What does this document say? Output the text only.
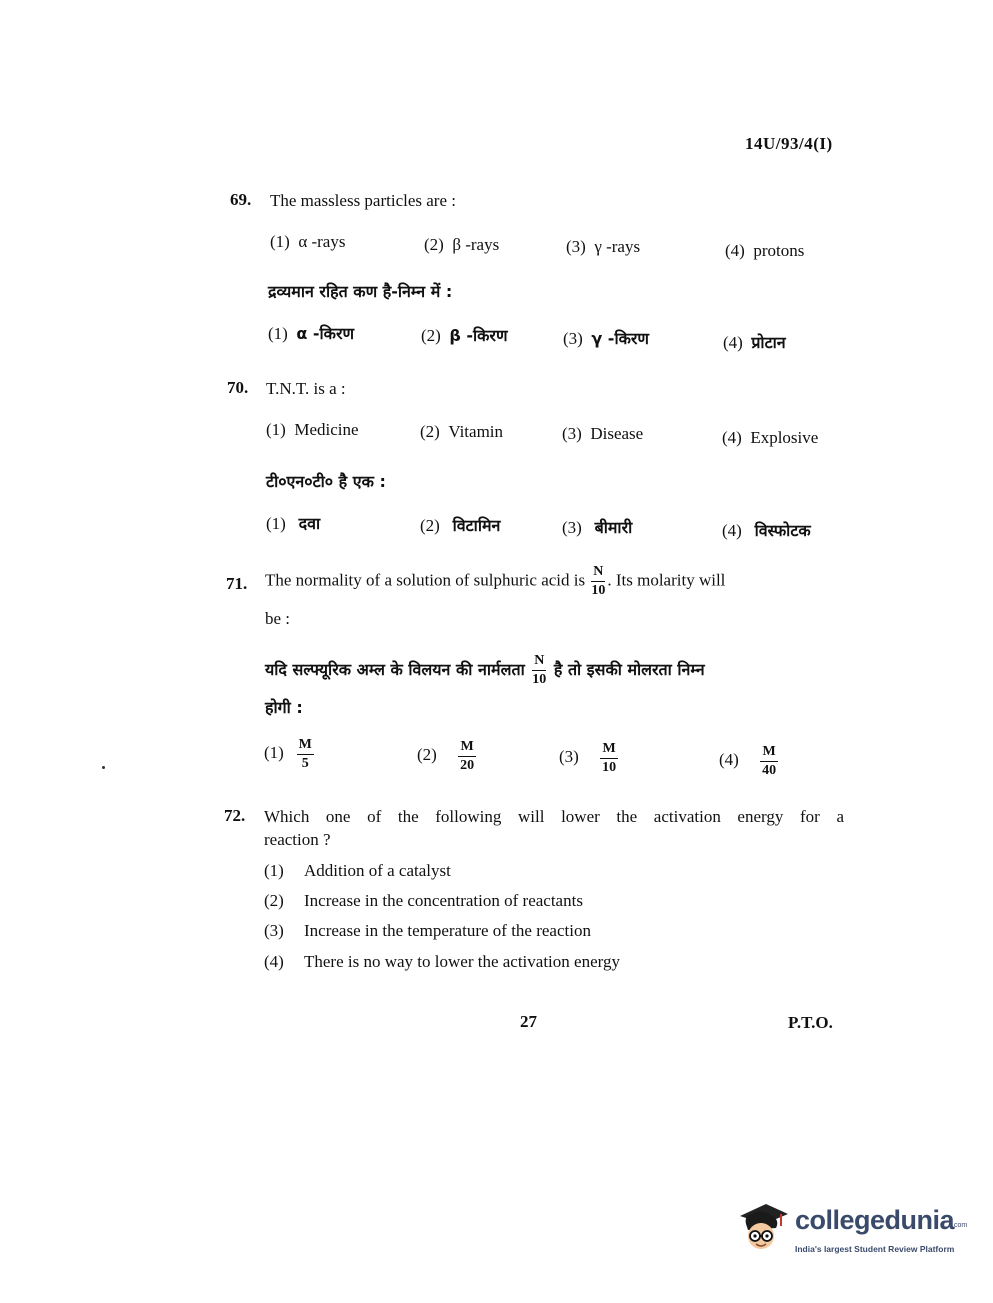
14U/93/4(I)
69. The massless particles are :
(1) α -rays	(2) β -rays	(3) γ -rays	(4) protons
द्रव्यमान रहित कण है-निम्न में :
(1) α -किरण	(2) β -किरण	(3) γ -किरण	(4) प्रोटान
70. T.N.T. is a :
(1) Medicine	(2) Vitamin	(3) Disease	(4) Explosive
टी०एन०टी० है एक :
(1) दवा	(2) विटामिन	(3) बीमारी	(4) विस्फोटक
71. The normality of a solution of sulphuric acid is $\frac{N}{10}$ . Its molarity will
be :
यदि सल्फ्यूरिक अम्ल के विलयन की नार्मलता $\frac{N}{10}$ है तो इसकी मोलरता निम्न
होगी :
$(1) \frac{M}{5}$	$(2) \frac{M}{20}$	$(3) \frac{M}{10}$	$(4) \frac{M}{40}$
72. Which one of the following will lower the activation energy for a
reaction ?
(1) Addition of a catalyst
(2) Increase in the concentration of reactants
(3) Increase in the temperature of the reaction
(4) There is no way to lower the activation energy
27	P.T.O.
collegedunia
.com
India's largest Student Review Platform
